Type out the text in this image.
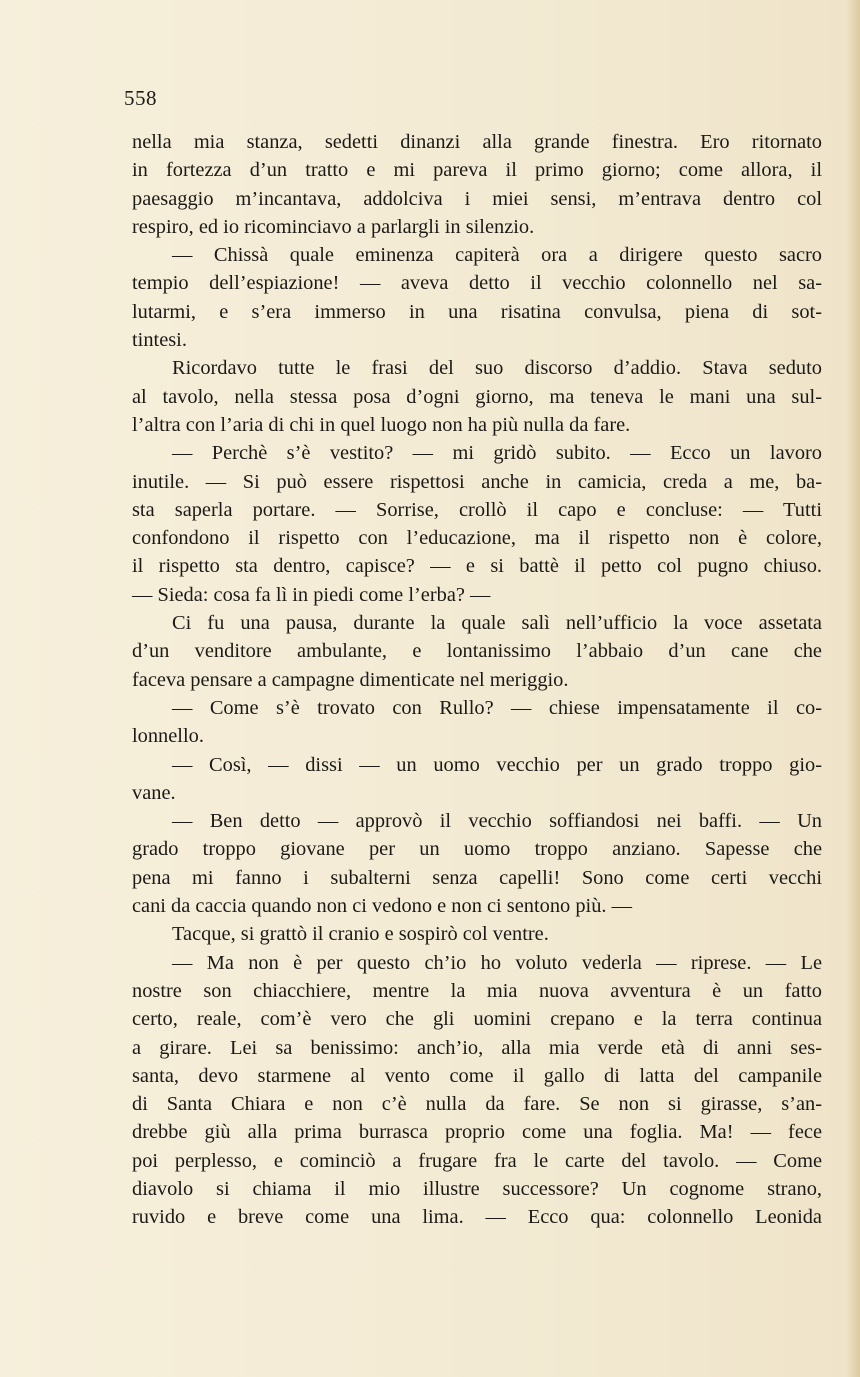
558
nella mia stanza, sedetti dinanzi alla grande finestra. Ero ritornato
in fortezza d’un tratto e mi pareva il primo giorno; come allora, il
paesaggio m’incantava, addolciva i miei sensi, m’entrava dentro col
respiro, ed io ricominciavo a parlargli in silenzio.
— Chissà quale eminenza capiterà ora a dirigere questo sacro
tempio dell’espiazione! — aveva detto il vecchio colonnello nel sa-
lutarmi, e s’era immerso in una risatina convulsa, piena di sot-
tintesi.
Ricordavo tutte le frasi del suo discorso d’addio. Stava seduto
al tavolo, nella stessa posa d’ogni giorno, ma teneva le mani una sul-
l’altra con l’aria di chi in quel luogo non ha più nulla da fare.
— Perchè s’è vestito? — mi gridò subito. — Ecco un lavoro
inutile. — Si può essere rispettosi anche in camicia, creda a me, ba-
sta saperla portare. — Sorrise, crollò il capo e concluse: — Tutti
confondono il rispetto con l’educazione, ma il rispetto non è colore,
il rispetto sta dentro, capisce? — e si battè il petto col pugno chiuso.
— Sieda: cosa fa lì in piedi come l’erba? —
Ci fu una pausa, durante la quale salì nell’ufficio la voce assetata
d’un venditore ambulante, e lontanissimo l’abbaio d’un cane che
faceva pensare a campagne dimenticate nel meriggio.
— Come s’è trovato con Rullo? — chiese impensatamente il co-
lonnello.
— Così, — dissi — un uomo vecchio per un grado troppo gio-
vane.
— Ben detto — approvò il vecchio soffiandosi nei baffi. — Un
grado troppo giovane per un uomo troppo anziano. Sapesse che
pena mi fanno i subalterni senza capelli! Sono come certi vecchi
cani da caccia quando non ci vedono e non ci sentono più. —
Tacque, si grattò il cranio e sospirò col ventre.
— Ma non è per questo ch’io ho voluto vederla — riprese. — Le
nostre son chiacchiere, mentre la mia nuova avventura è un fatto
certo, reale, com’è vero che gli uomini crepano e la terra continua
a girare. Lei sa benissimo: anch’io, alla mia verde età di anni ses-
santa, devo starmene al vento come il gallo di latta del campanile
di Santa Chiara e non c’è nulla da fare. Se non si girasse, s’an-
drebbe giù alla prima burrasca proprio come una foglia. Ma! — fece
poi perplesso, e cominciò a frugare fra le carte del tavolo. — Come
diavolo si chiama il mio illustre successore? Un cognome strano,
ruvido e breve come una lima. — Ecco qua: colonnello Leonida
